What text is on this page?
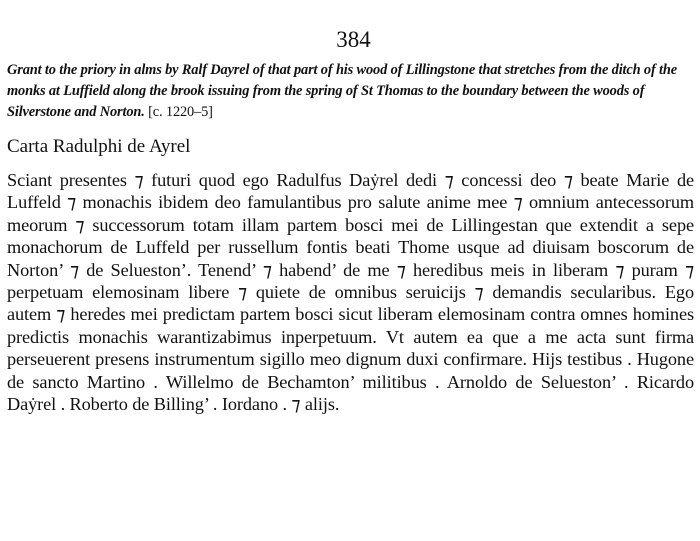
384

Grant to the priory in alms by Ralf Dayrel of that part of his wood of Lillingstone that stretches from the ditch of the monks at Luffield along the brook issuing from the spring of St Thomas to the boundary between the woods of Silverstone and Norton. [c. 1220–5]

Carta Radulphi de Ayrel

Sciant presentes ⁊ futuri quod ego Radulfus Daẏrel dedi ⁊ concessi deo ⁊ beate Marie de Luffeld ⁊ monachis ibidem deo famulantibus pro salute anime mee ⁊ omnium antecessorum meorum ⁊ successorum totam illam partem bosci mei de Lillingestan que extendit a sepe monachorum de Luffeld per russellum fontis beati Thome usque ad diuisam boscorum de Norton’ ⁊ de Selueston’. Tenend’ ⁊ habend’ de me ⁊ heredibus meis in liberam ⁊ puram ⁊ perpetuam elemosinam libere ⁊ quiete de omnibus seruicijs ⁊ demandis secularibus. Ego autem ⁊ heredes mei predictam partem bosci sicut liberam elemosinam contra omnes homines predictis monachis warantizabimus inperpetuum. Vt autem ea que a me acta sunt firma perseuerent presens instrumentum sigillo meo dignum duxi confirmare. Hijs testibus . Hugone de sancto Martino . Willelmo de Bechamton’ militibus . Arnoldo de Selueston’ . Ricardo Daẏrel . Roberto de Billing’ . Iordano . ⁊ alijs.
